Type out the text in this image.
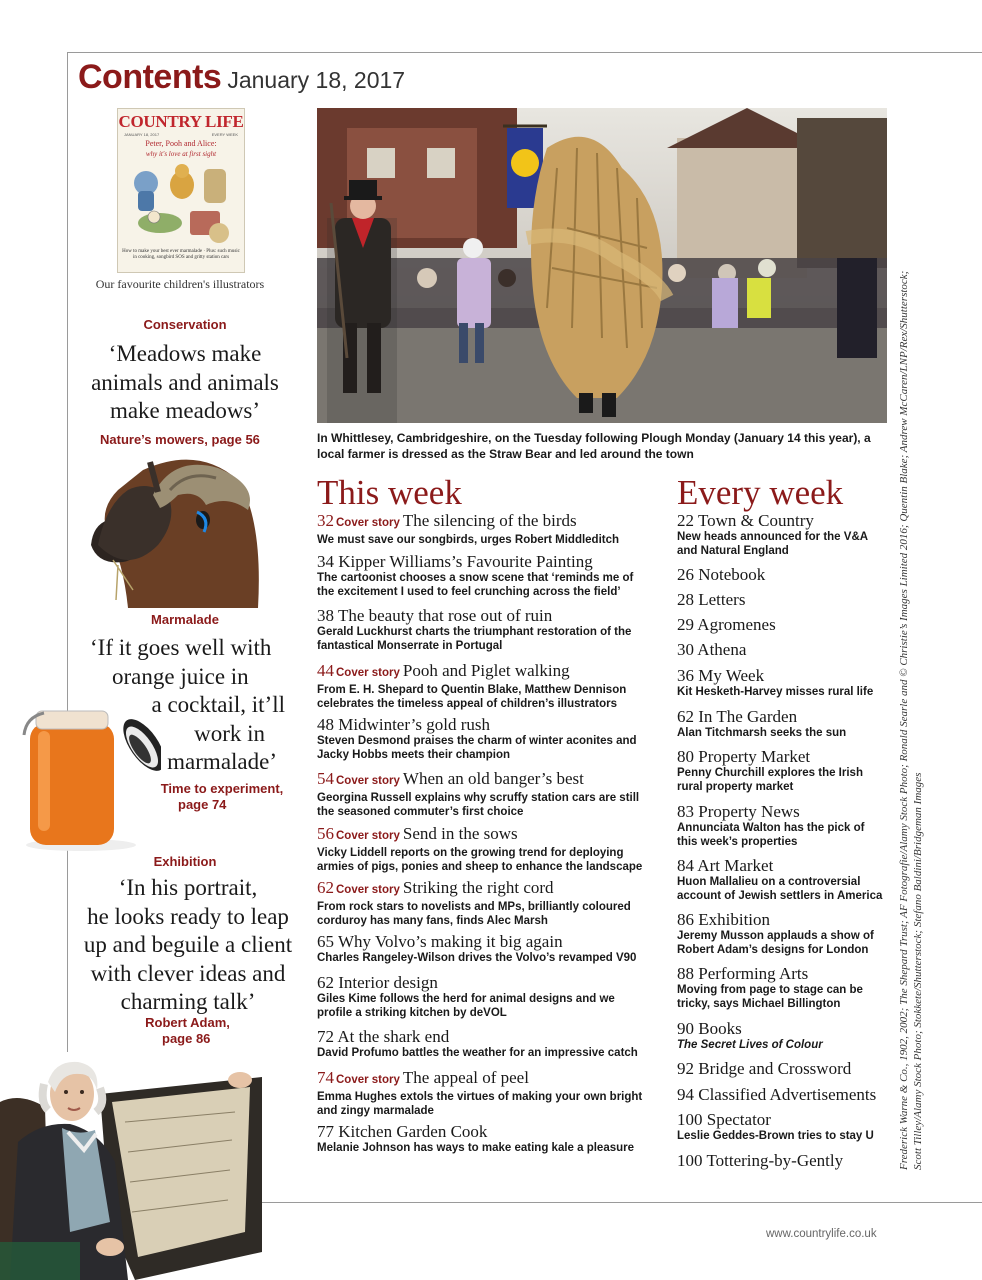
Contents January 18, 2017
COUNTRY LIFE
JANUARY 18, 2017	EVERY WEEK
Peter, Pooh and Alice:
why it's love at first sight
How to make your best ever marmalade · Plus: such music in cooking, songbird SOS and gritty station cars
Our favourite children's illustrators
Conservation
‘Meadows make
animals and animals
make meadows’
Nature’s mowers, page 56
Marmalade
‘If it goes well with
orange juice in
a cocktail, it’ll
work in
marmalade’
Time to experiment,
page 74
Exhibition
‘In his portrait,
he looks ready to leap
up and beguile a client
with clever ideas and
charming talk’
Robert Adam,
page 86
In Whittlesey, Cambridgeshire, on the Tuesday following Plough Monday (January 14 this year), a local farmer is dressed as the Straw Bear and led around the town
This week
32 Cover story The silencing of the birds
We must save our songbirds, urges Robert Middleditch
34 Kipper Williams’s Favourite Painting
The cartoonist chooses a snow scene that ‘reminds me of
the excitement I used to feel crunching across the field’
38 The beauty that rose out of ruin
Gerald Luckhurst charts the triumphant restoration of the
fantastical Monserrate in Portugal
44 Cover story Pooh and Piglet walking
From E. H. Shepard to Quentin Blake, Matthew Dennison
celebrates the timeless appeal of children’s illustrators
48 Midwinter’s gold rush
Steven Desmond praises the charm of winter aconites and
Jacky Hobbs meets their champion
54 Cover story When an old banger’s best
Georgina Russell explains why scruffy station cars are still
the seasoned commuter’s first choice
56 Cover story Send in the sows
Vicky Liddell reports on the growing trend for deploying
armies of pigs, ponies and sheep to enhance the landscape
62 Cover story Striking the right cord
From rock stars to novelists and MPs, brilliantly coloured
corduroy has many fans, finds Alec Marsh
65 Why Volvo’s making it big again
Charles Rangeley-Wilson drives the Volvo’s revamped V90
62 Interior design
Giles Kime follows the herd for animal designs and we
profile a striking kitchen by deVOL
72 At the shark end
David Profumo battles the weather for an impressive catch
74 Cover story The appeal of peel
Emma Hughes extols the virtues of making your own bright
and zingy marmalade
77 Kitchen Garden Cook
Melanie Johnson has ways to make eating kale a pleasure
Every week
22 Town & Country
New heads announced for the V&A
and Natural England
26 Notebook
28 Letters
29 Agromenes
30 Athena
36 My Week
Kit Hesketh-Harvey misses rural life
62 In The Garden
Alan Titchmarsh seeks the sun
80 Property Market
Penny Churchill explores the Irish
rural property market
83 Property News
Annunciata Walton has the pick of
this week’s properties
84 Art Market
Huon Mallalieu on a controversial
account of Jewish settlers in America
86 Exhibition
Jeremy Musson applauds a show of
Robert Adam’s designs for London
88 Performing Arts
Moving from page to stage can be
tricky, says Michael Billington
90 Books
The Secret Lives of Colour
92 Bridge and Crossword
94 Classified Advertisements
100 Spectator
Leslie Geddes-Brown tries to stay U
100 Tottering-by-Gently	Frederick Warne & Co., 1902, 2002; The Shepard Trust; AF Fotografie/Alamy Stock Photo; Ronald Searle and © Christie’s Images Limited 2016; Quentin Blake; Andrew McCaren/LNP/Rex/Shutterstock; Scott Tilley/Alamy Stock Photo; Stokkete/Shutterstock; Stefano Baldini/Bridgeman Images
www.countrylife.co.uk
